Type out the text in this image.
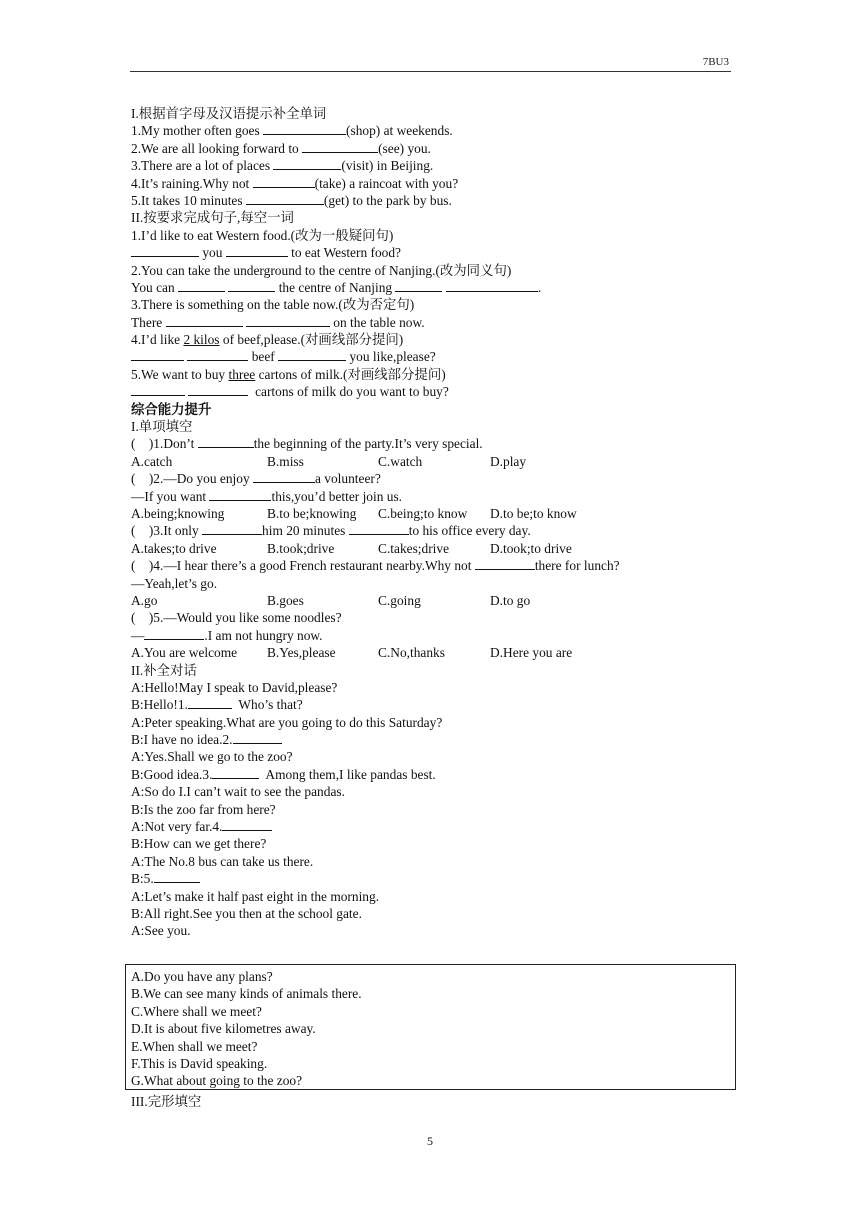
7BU3
I.根据首字母及汉语提示补全单词
1.My mother often goes	(shop) at weekends.
2.We are all looking forward to	(see) you.
3.There are a lot of places	(visit) in Beijing.
4.It’s raining.Why not	(take) a raincoat with you?
5.It takes 10 minutes	(get) to the park by bus.
II.按要求完成句子,每空一词
1.I’d like to eat Western food.(改为一般疑问句)
you	to eat Western food?
2.You can take the underground to the centre of Nanjing.(改为同义句)
You can	the centre of Nanjing	.
3.There is something on the table now.(改为否定句)
There	on the table now.
4.I’d like 2 kilos of beef,please.(对画线部分提问)
beef	you like,please?
5.We want to buy three cartons of milk.(对画线部分提问)
cartons of milk do you want to buy?
综合能力提升
I.单项填空
(    )1.Don’t	the beginning of the party.It’s very special.
A.catch	B.miss	C.watch	D.play
(    )2.—Do you enjoy	a volunteer?
—If you want	this,you’d better join us.
A.being;knowing	B.to be;knowing C.being;to know D.to be;to know
(    )3.It only	him 20 minutes	to his office every day.
A.takes;to drive	B.took;drive	C.takes;drive	D.took;to drive
(    )4.—I hear there’s a good French restaurant nearby.Why not	there for lunch?
—Yeah,let’s go.
A.go	B.goes	C.going	D.to go
(    )5.—Would you like some noodles?
—	.I am not hungry now.
A.You are welcome B.Yes,please	C.No,thanks	D.Here you are
II.补全对话
A:Hello!May I speak to David,please?
B:Hello!1.	Who’s that?
A:Peter speaking.What are you going to do this Saturday?
B:I have no idea.2.
A:Yes.Shall we go to the zoo?
B:Good idea.3.	Among them,I like pandas best.
A:So do I.I can’t wait to see the pandas.
B:Is the zoo far from here?
A:Not very far.4.
B:How can we get there?
A:The No.8 bus can take us there.
B:5.
A:Let’s make it half past eight in the morning.
B:All right.See you then at the school gate.
A:See you.
A.Do you have any plans?
B.We can see many kinds of animals there.
C.Where shall we meet?
D.It is about five kilometres away.
E.When shall we meet?
F.This is David speaking.
G.What about going to the zoo?
III.完形填空
5
